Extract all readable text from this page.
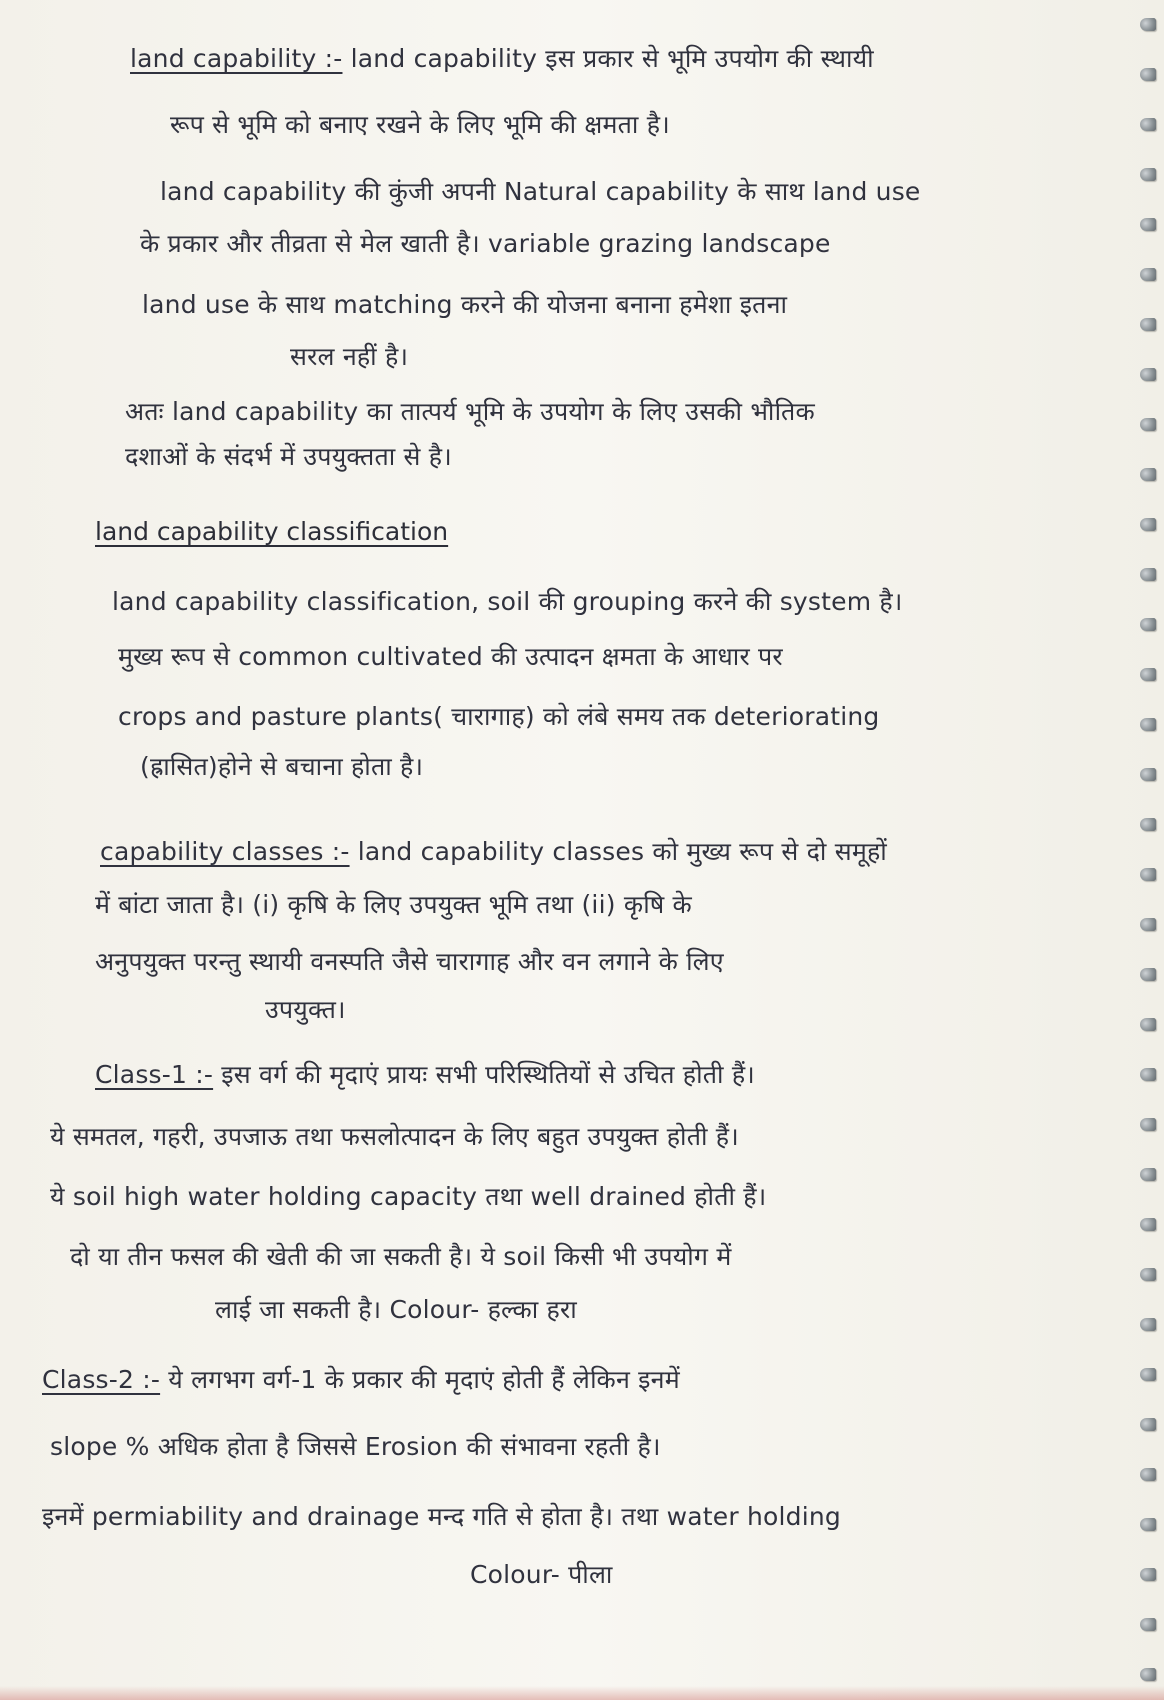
land capability :- land capability इस प्रकार से भूमि उपयोग की स्थायी
रूप से भूमि को बनाए रखने के लिए भूमि की क्षमता है।
land capability की कुंजी अपनी Natural capability के साथ land use
के प्रकार और तीव्रता से मेल खाती है। variable grazing landscape
land use के साथ matching करने की योजना बनाना हमेशा इतना
सरल नहीं है।
अतः land capability का तात्पर्य भूमि के उपयोग के लिए उसकी भौतिक
दशाओं के संदर्भ में उपयुक्तता से है।
land capability classification
land capability classification, soil की grouping करने की system है।
मुख्य रूप से common cultivated की उत्पादन क्षमता के आधार पर
crops and pasture plants( चारागाह) को लंबे समय तक deteriorating
(ह्रासित)होने से बचाना होता है।
capability classes :- land capability classes को मुख्य रूप से दो समूहों
में बांटा जाता है। (i) कृषि के लिए उपयुक्त भूमि तथा (ii) कृषि के
अनुपयुक्त परन्तु स्थायी वनस्पति जैसे चारागाह और वन लगाने के लिए
उपयुक्त।
Class-1 :- इस वर्ग की मृदाएं प्रायः सभी परिस्थितियों से उचित होती हैं।
ये समतल, गहरी, उपजाऊ तथा फसलोत्पादन के लिए बहुत उपयुक्त होती हैं।
ये soil high water holding capacity तथा well drained होती हैं।
दो या तीन फसल की खेती की जा सकती है। ये soil किसी भी उपयोग में
लाई जा सकती है। Colour- हल्का हरा
Class-2 :- ये लगभग वर्ग-1 के प्रकार की मृदाएं होती हैं लेकिन इनमें
slope % अधिक होता है जिससे Erosion की संभावना रहती है।
इनमें permiability and drainage मन्द गति से होता है। तथा water holding
Colour- पीला
